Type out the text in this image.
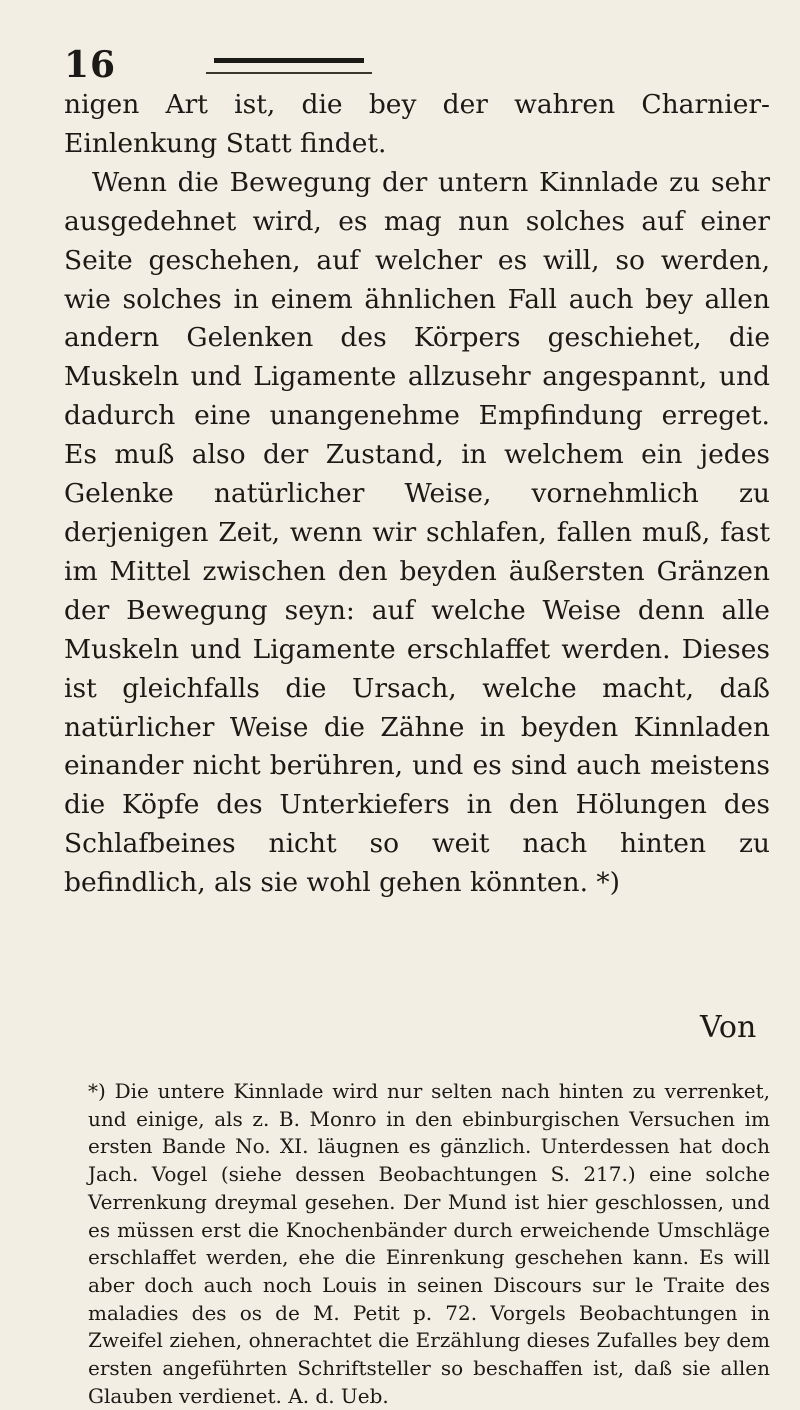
16

nigen Art ist, die bey der wahren Charnier-Einlenkung Statt findet.

Wenn die Bewegung der untern Kinnlade zu sehr ausgedehnet wird, es mag nun solches auf einer Seite geschehen, auf welcher es will, so werden, wie solches in einem ähnlichen Fall auch bey allen andern Gelenken des Körpers geschiehet, die Muskeln und Ligamente allzusehr angespannt, und dadurch eine unangenehme Empfindung erreget. Es muß also der Zustand, in welchem ein jedes Gelenke natürlicher Weise, vornehmlich zu derjenigen Zeit, wenn wir schlafen, fallen muß, fast im Mittel zwischen den beyden äußersten Gränzen der Bewegung seyn: auf welche Weise denn alle Muskeln und Ligamente erschlaffet werden. Dieses ist gleichfalls die Ursach, welche macht, daß natürlicher Weise die Zähne in beyden Kinnladen einander nicht berühren, und es sind auch meistens die Köpfe des Unterkiefers in den Hölungen des Schlafbeines nicht so weit nach hinten zu befindlich, als sie wohl gehen könnten. *)

Von
*) Die untere Kinnlade wird nur selten nach hinten zu verrenket, und einige, als z. B. Monro in den ebinburgischen Versuchen im ersten Bande No. XI. läugnen es gänzlich. Unterdessen hat doch Jach. Vogel (siehe dessen Beobachtungen S. 217.) eine solche Verrenkung dreymal gesehen. Der Mund ist hier geschlossen, und es müssen erst die Knochenbänder durch erweichende Umschläge erschlaffet werden, ehe die Einrenkung geschehen kann. Es will aber doch auch noch Louis in seinen Discours sur le Traite des maladies des os de M. Petit p. 72. Vorgels Beobachtungen in Zweifel ziehen, ohnerachtet die Erzählung dieses Zufalles bey dem ersten angeführten Schriftsteller so beschaffen ist, daß sie allen Glauben verdienet. A. d. Ueb.
